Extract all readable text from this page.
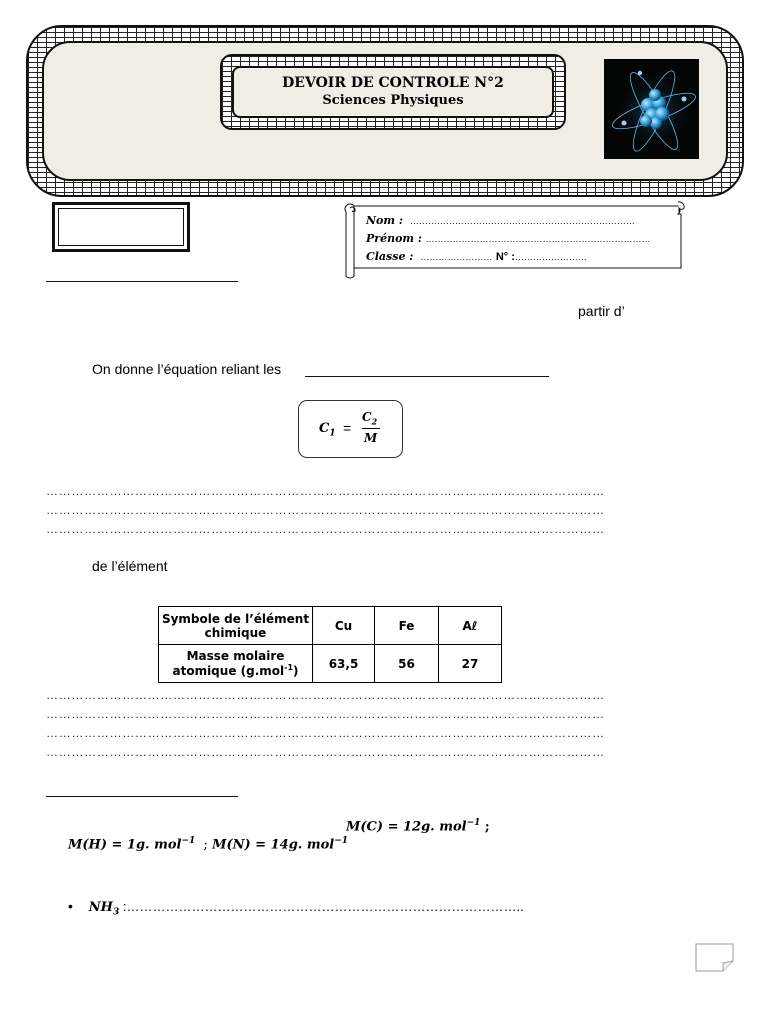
DEVOIR DE CONTROLE N°2
Sciences Physiques
Nom : …………………………………………………………………
Prénom : …………………………………………………………………
Classe : …………………… N° :……………………
partir d’
On donne l’équation reliant les
$C_1$ =
$C_2$
M
……………………………………………………………………………………………………………………
……………………………………………………………………………………………………………………
……………………………………………………………………………………………………………………
de l’élément
Symbole de l’élément chimique	Cu	Fe	Aℓ
Masse molaire atomique (g.mol$^{-1}$)	63,5	56	27
……………………………………………………………………………………………………………………
……………………………………………………………………………………………………………………
……………………………………………………………………………………………………………………
……………………………………………………………………………………………………………………
M(C) = 12g. mol$^{-1}$ ;
M(H) = 1g. mol$^{-1}$  ; M(N) = 14g. mol$^{-1}$
• $NH_3$ :………………………………………………………………………………..
